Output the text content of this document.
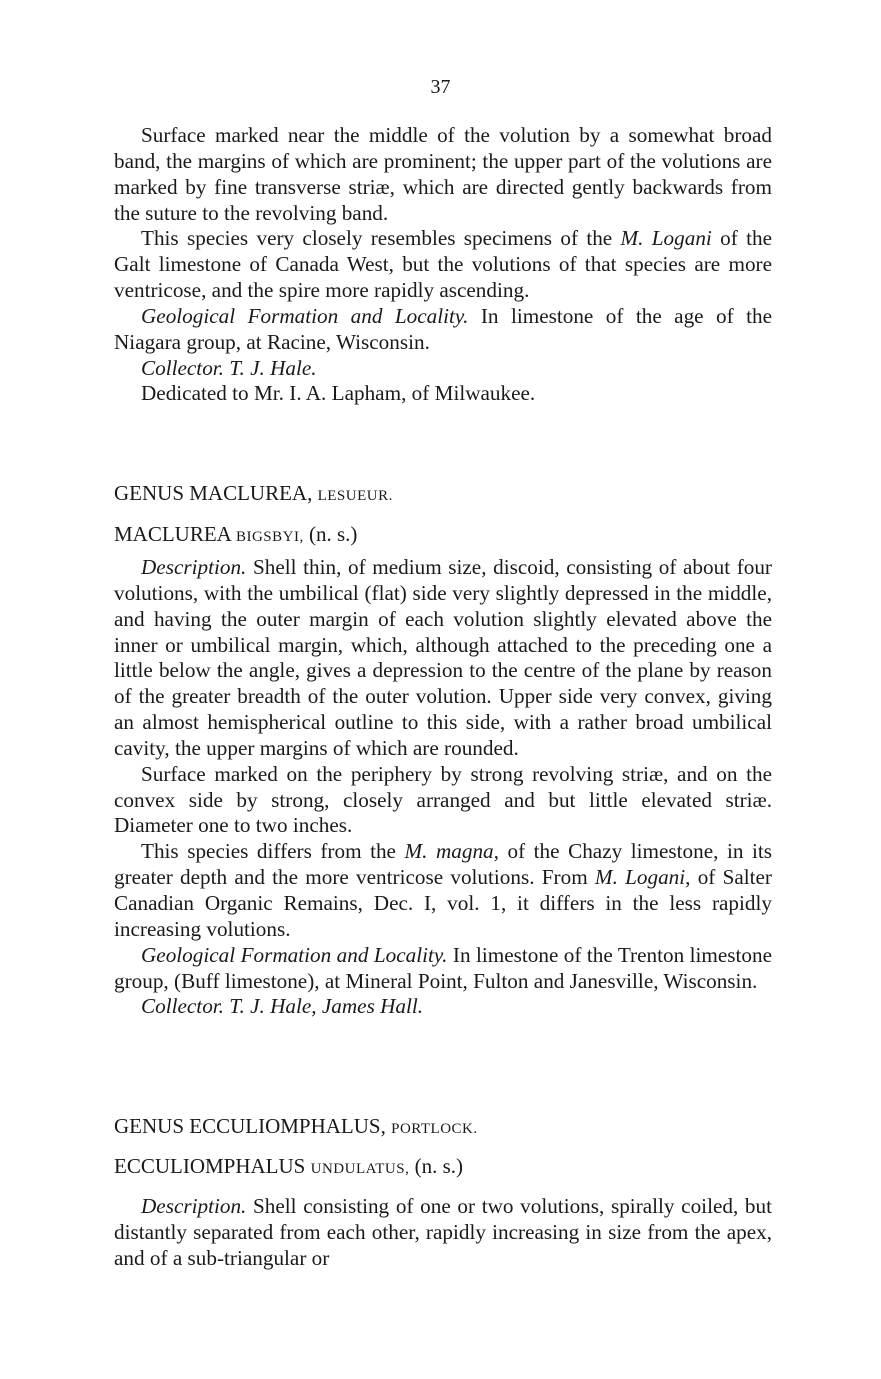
37

Surface marked near the middle of the volution by a somewhat broad band, the margins of which are prominent; the upper part of the volutions are marked by fine transverse striæ, which are directed gently backwards from the suture to the revolving band.

This species very closely resembles specimens of the M. Logani of the Galt limestone of Canada West, but the volutions of that species are more ventricose, and the spire more rapidly ascending.

Geological Formation and Locality. In limestone of the age of the Niagara group, at Racine, Wisconsin.

Collector. T. J. Hale.

Dedicated to Mr. I. A. Lapham, of Milwaukee.

GENUS MACLUREA, LESUEUR.

MACLUREA BIGSBYI, (n. s.)

Description. Shell thin, of medium size, discoid, consisting of about four volutions, with the umbilical (flat) side very slightly depressed in the middle, and having the outer margin of each volution slightly elevated above the inner or umbilical margin, which, although attached to the preceding one a little below the angle, gives a depression to the centre of the plane by reason of the greater breadth of the outer volution. Upper side very convex, giving an almost hemispherical outline to this side, with a rather broad umbilical cavity, the upper margins of which are rounded.

Surface marked on the periphery by strong revolving striæ, and on the convex side by strong, closely arranged and but little elevated striæ. Diameter one to two inches.

This species differs from the M. magna, of the Chazy limestone, in its greater depth and the more ventricose volutions. From M. Logani, of Salter Canadian Organic Remains, Dec. I, vol. 1, it differs in the less rapidly increasing volutions.

Geological Formation and Locality. In limestone of the Trenton limestone group, (Buff limestone), at Mineral Point, Fulton and Janesville, Wisconsin.

Collector. T. J. Hale, James Hall.

GENUS ECCULIOMPHALUS, PORTLOCK.

ECCULIOMPHALUS UNDULATUS, (n. s.)

Description. Shell consisting of one or two volutions, spirally coiled, but distantly separated from each other, rapidly increasing in size from the apex, and of a sub-triangular or
